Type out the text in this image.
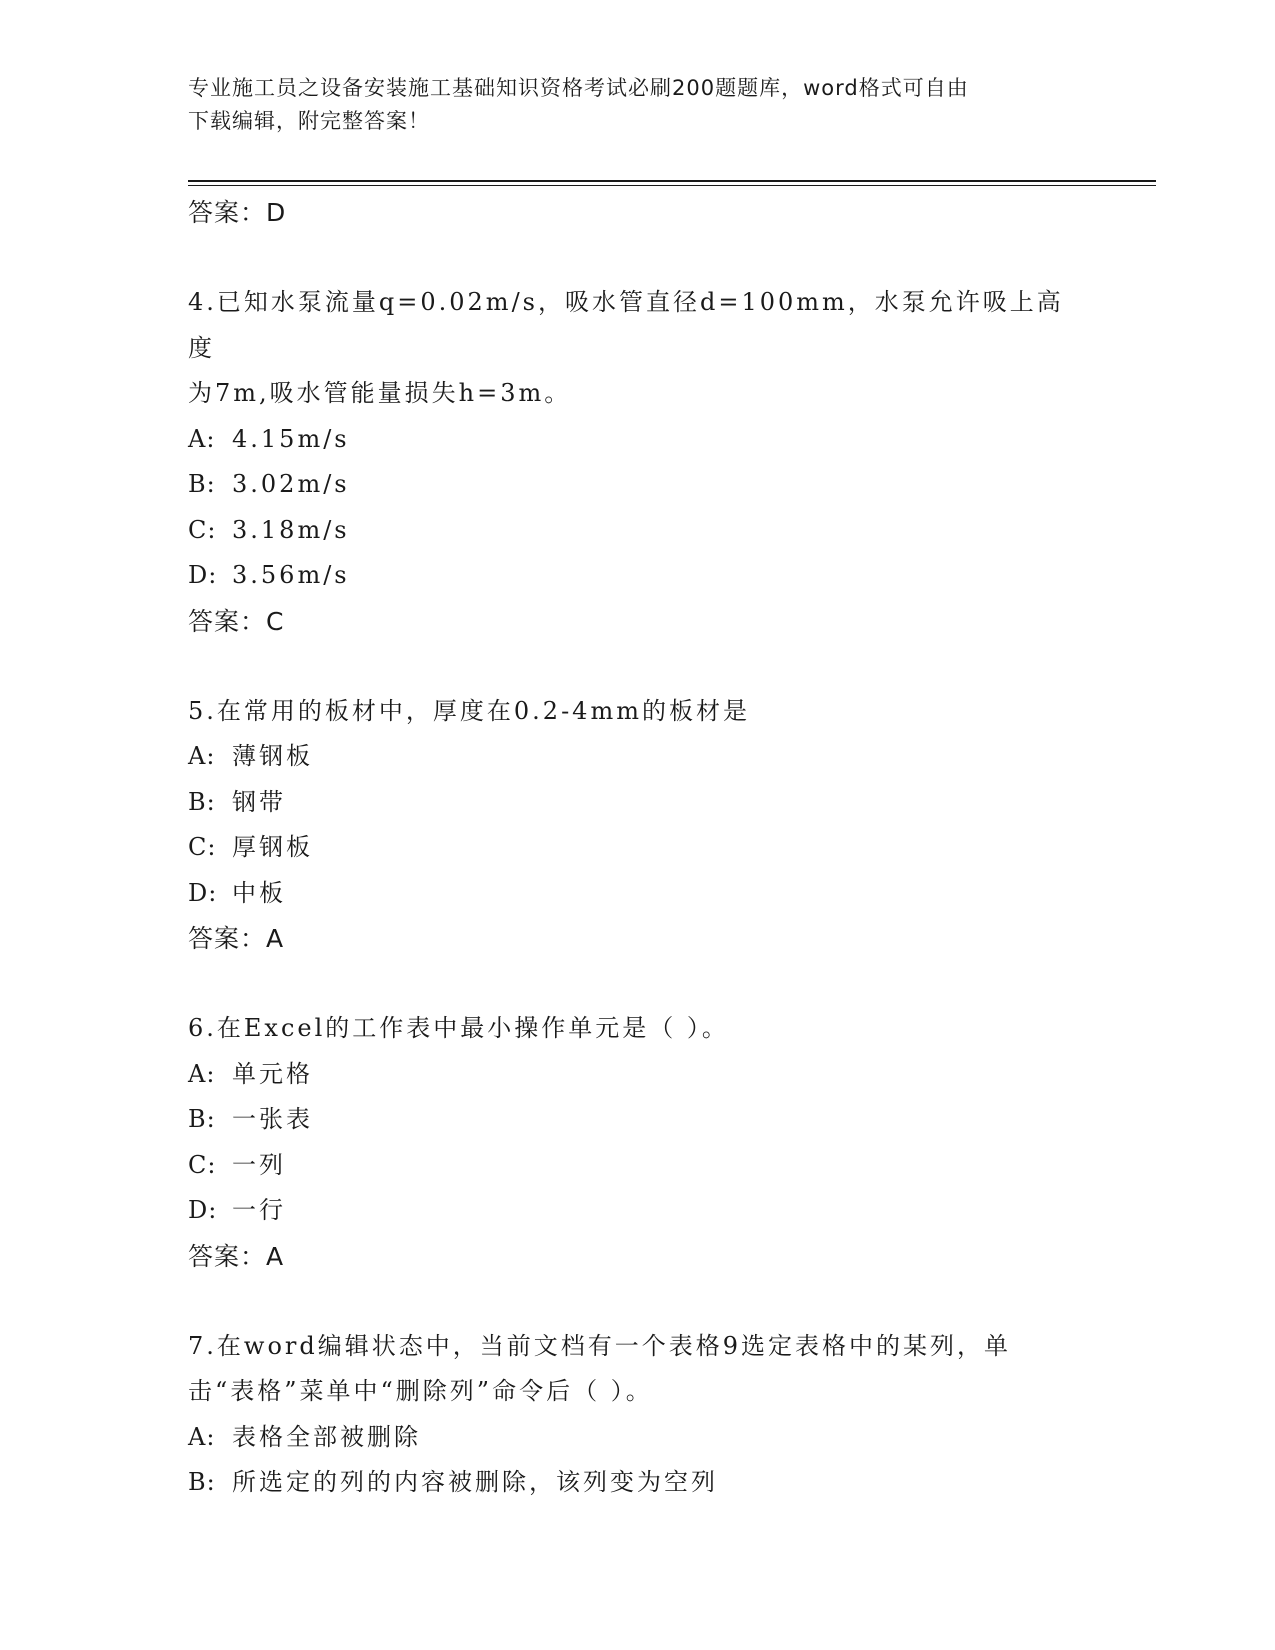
专业施工员之设备安装施工基础知识资格考试必刷200题题库，word格式可自由
下载编辑，附完整答案！
答案：D
4.已知水泵流量q=0.02m/s，吸水管直径d=100mm，水泵允许吸上高度
为7m,吸水管能量损失h=3m。
A: 4.15m/s
B: 3.02m/s
C: 3.18m/s
D: 3.56m/s
答案：C
5.在常用的板材中，厚度在0.2-4mm的板材是
A: 薄钢板
B: 钢带
C: 厚钢板
D: 中板
答案：A
6.在Excel的工作表中最小操作单元是（ ）。
A: 单元格
B: 一张表
C: 一列
D: 一行
答案：A
7.在word编辑状态中，当前文档有一个表格9选定表格中的某列，单
击“表格”菜单中“删除列”命令后（ ）。
A: 表格全部被删除
B: 所选定的列的内容被删除，该列变为空列
